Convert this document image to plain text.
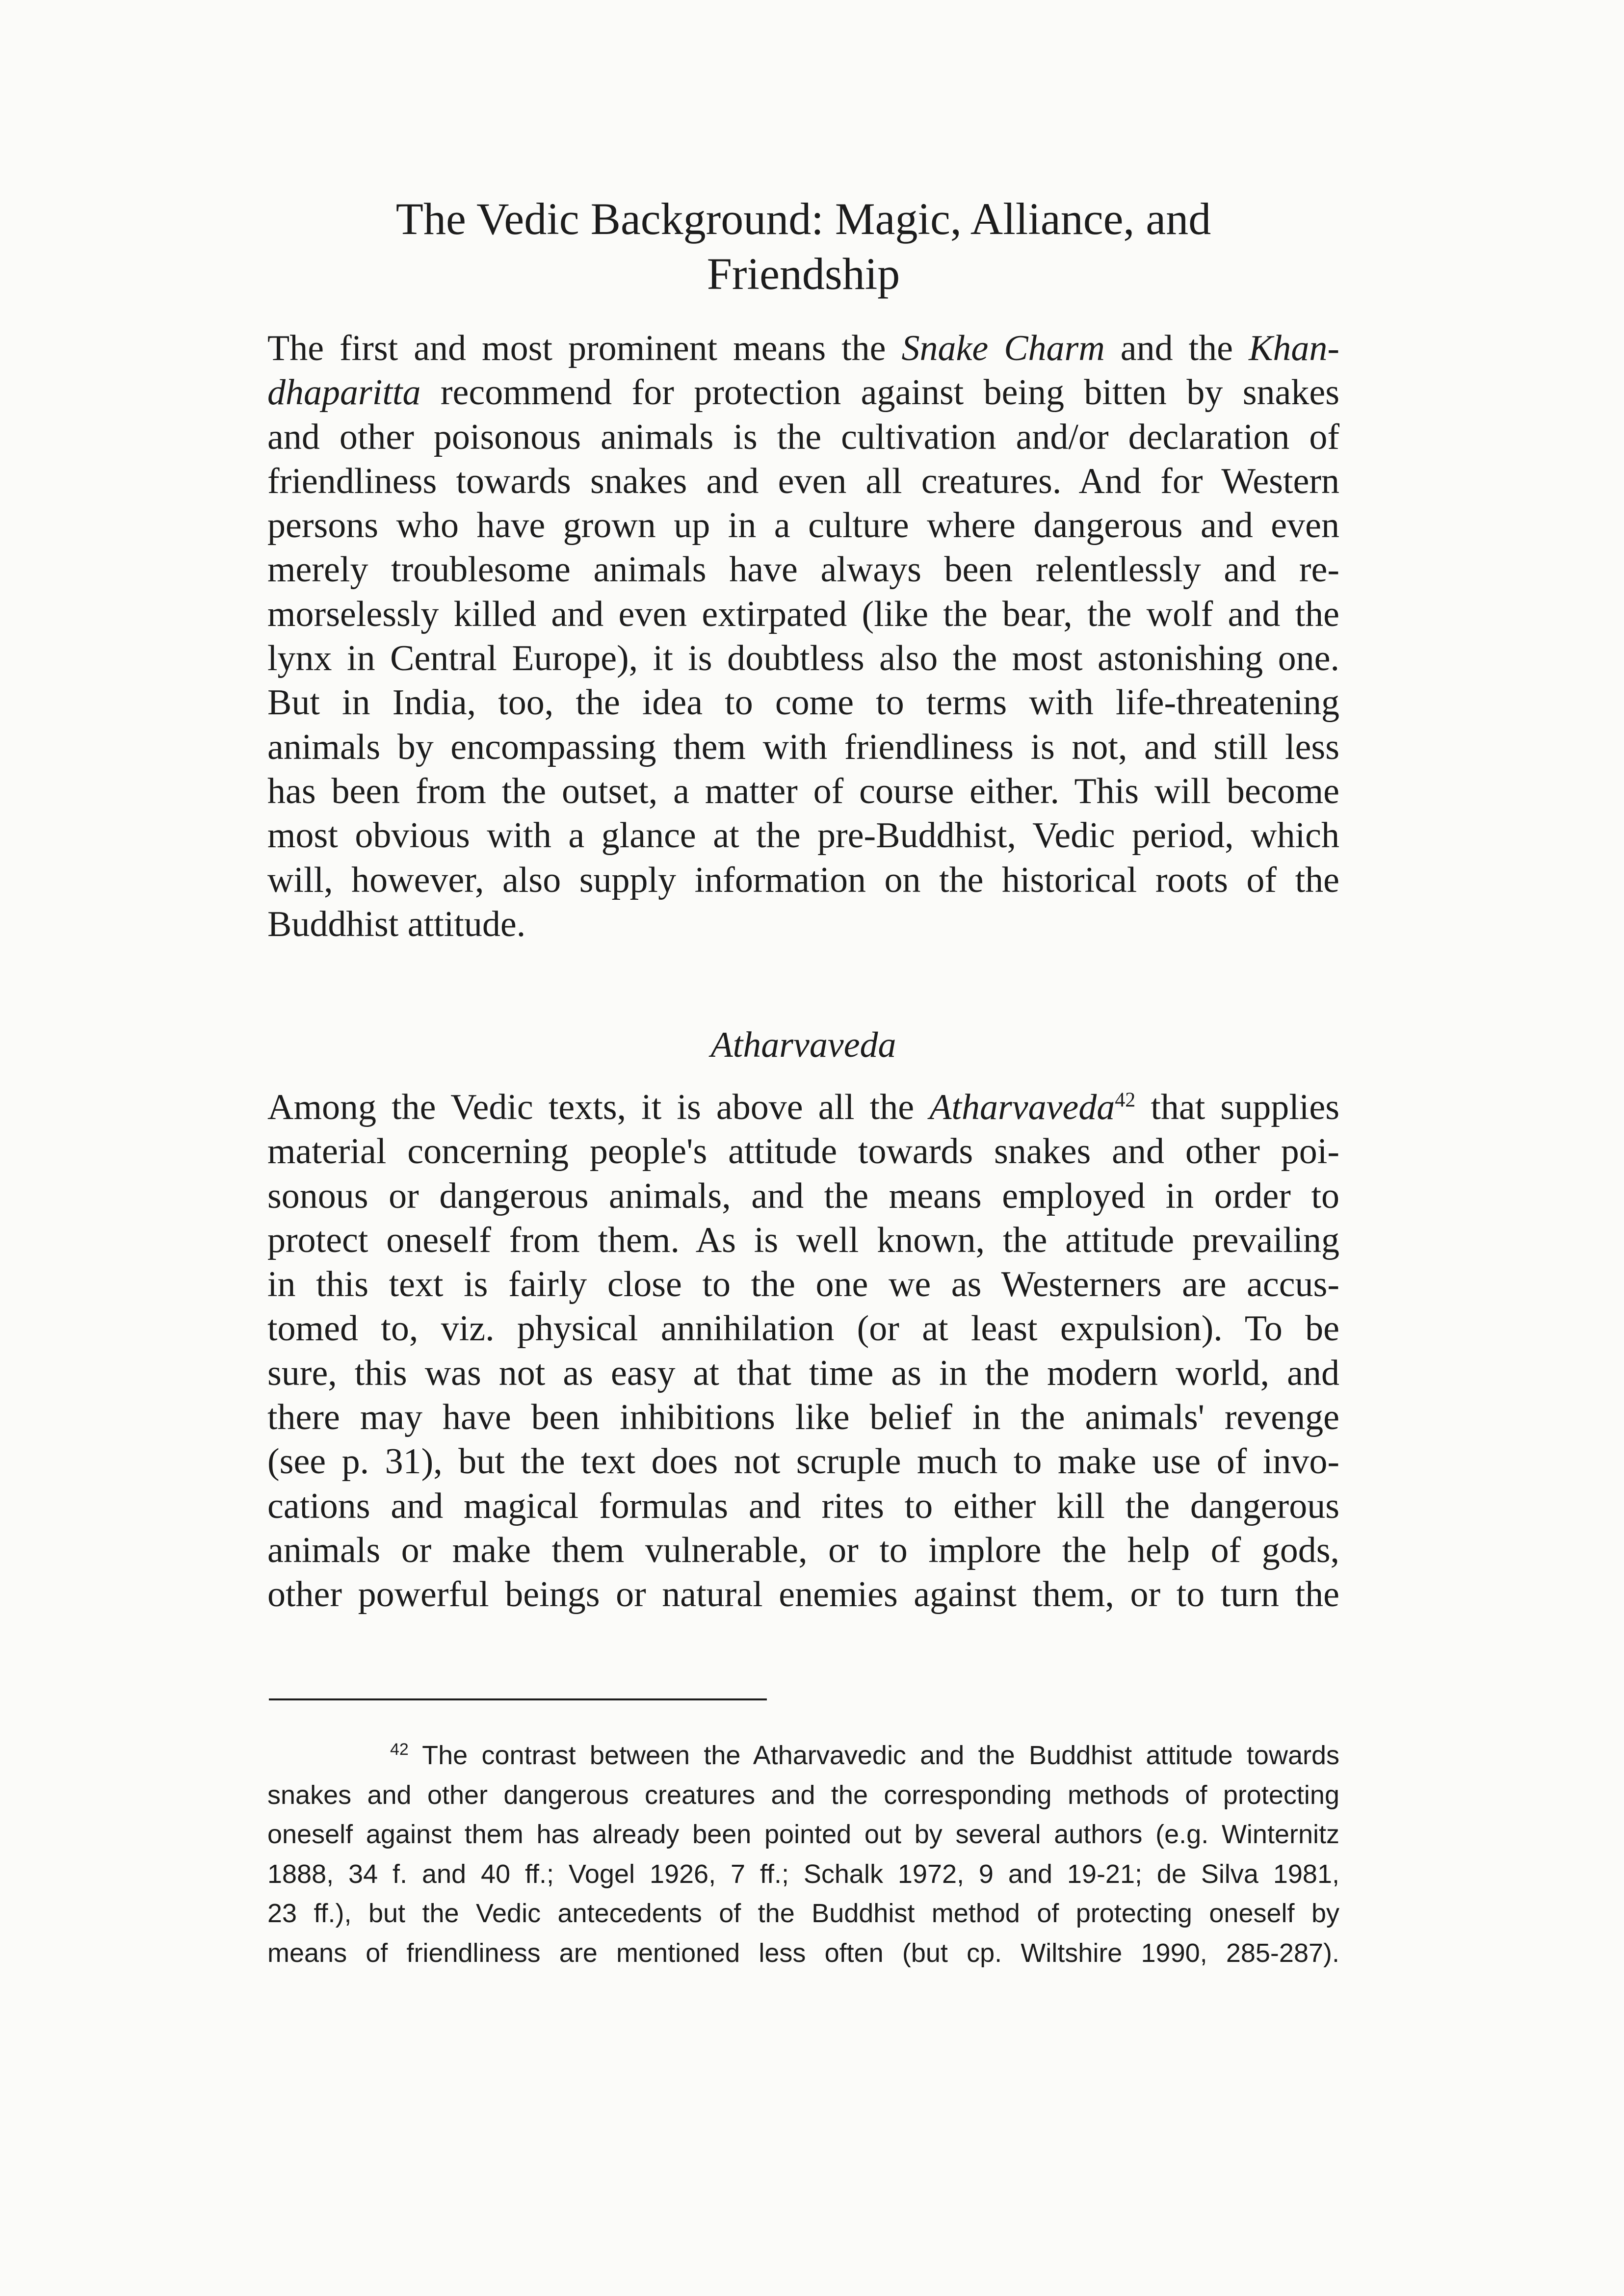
The Vedic Background: Magic, Alliance, and
Friendship
The first and most prominent means the Snake Charm and the Khan-
dhaparitta recommend for protection against being bitten by snakes
and other poisonous animals is the cultivation and/or declaration of
friendliness towards snakes and even all creatures. And for Western
persons who have grown up in a culture where dangerous and even
merely troublesome animals have always been relentlessly and re-
morselessly killed and even extirpated (like the bear, the wolf and the
lynx in Central Europe), it is doubtless also the most astonishing one.
But in India, too, the idea to come to terms with life-threatening
animals by encompassing them with friendliness is not, and still less
has been from the outset, a matter of course either. This will become
most obvious with a glance at the pre-Buddhist, Vedic period, which
will, however, also supply information on the historical roots of the
Buddhist attitude.
Atharvaveda
Among the Vedic texts, it is above all the Atharvaveda$^{42}$ that supplies
material concerning people's attitude towards snakes and other poi-
sonous or dangerous animals, and the means employed in order to
protect oneself from them. As is well known, the attitude prevailing
in this text is fairly close to the one we as Westerners are accus-
tomed to, viz. physical annihilation (or at least expulsion). To be
sure, this was not as easy at that time as in the modern world, and
there may have been inhibitions like belief in the animals' revenge
(see p. 31), but the text does not scruple much to make use of invo-
cations and magical formulas and rites to either kill the dangerous
animals or make them vulnerable, or to implore the help of gods,
other powerful beings or natural enemies against them, or to turn the
$^{42}$ The contrast between the Atharvavedic and the Buddhist attitude towards
snakes and other dangerous creatures and the corresponding methods of protecting
oneself against them has already been pointed out by several authors (e.g. Winternitz
1888, 34 f. and 40 ff.; Vogel 1926, 7 ff.; Schalk 1972, 9 and 19-21; de Silva 1981,
23 ff.), but the Vedic antecedents of the Buddhist method of protecting oneself by
means of friendliness are mentioned less often (but cp. Wiltshire 1990, 285-287).
